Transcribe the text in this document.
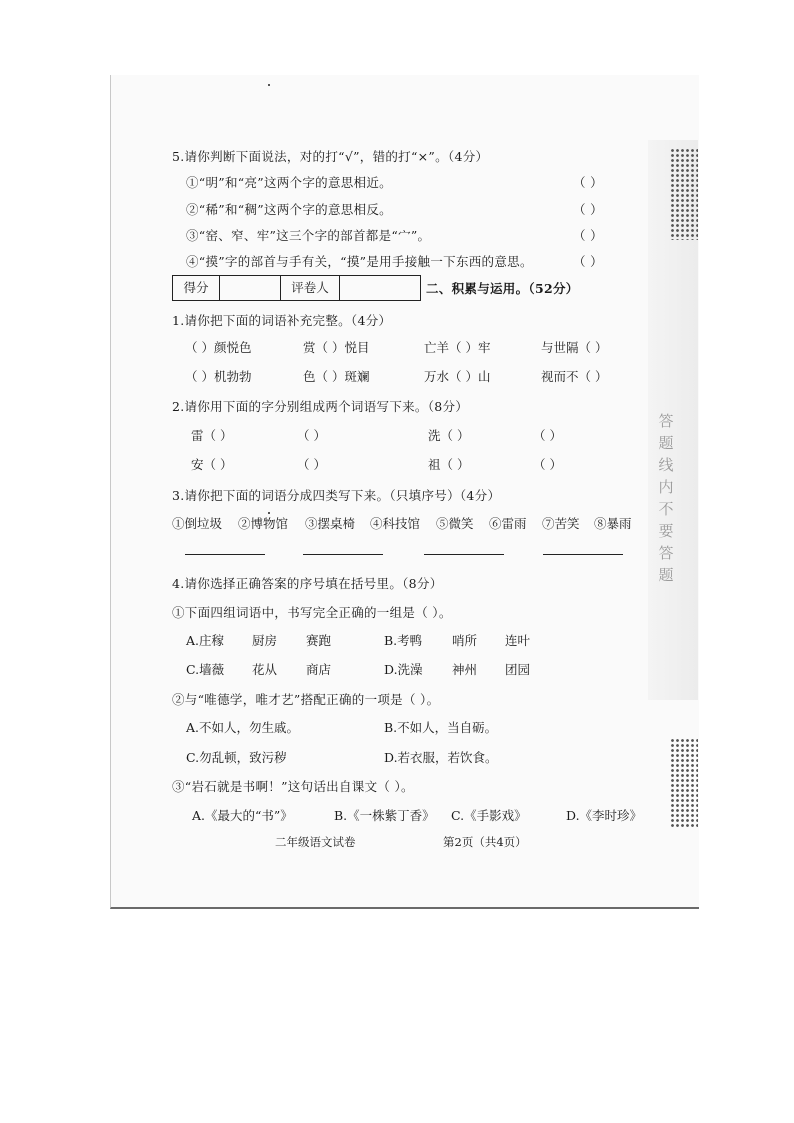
答
题
线
内
不
要
答
题
5.请你判断下面说法，对的打“√”，错的打“×”。（4分）
①“明”和“亮”这两个字的意思相近。	（ ）
②“稀”和“稠”这两个字的意思相反。	（ ）
③“窑、窄、牢”这三个字的部首都是“宀”。	（ ）
④“摸”字的部首与手有关，“摸”是用手接触一下东西的意思。	（ ）
得分	评卷人	二、积累与运用。（52分）
1.请你把下面的词语补充完整。（4分）
（ ）颜悦色	赏（ ）悦目	亡羊（ ）牢	与世隔（ ）
（ ）机勃勃	色（ ）斑斓	万水（ ）山	视而不（ ）
2.请你用下面的字分别组成两个词语写下来。（8分）
雷（ ）	（ ）	洗（ ）	（ ）
安（ ）	（ ）	祖（ ）	（ ）
3.请你把下面的词语分成四类写下来。（只填序号）（4分）
①倒垃圾 ②博物馆 ③摆桌椅 ④科技馆 ⑤微笑 ⑥雷雨 ⑦苦笑 ⑧暴雨
4.请你选择正确答案的序号填在括号里。（8分）
①下面四组词语中，书写完全正确的一组是（ ）。
A.庄稼 厨房 赛跑	B.考鸭 哨所 连叶
C.墙薇 花从 商店	D.洗澡 神州 团园
②与“唯德学，唯才艺”搭配正确的一项是（ ）。
A.不如人，勿生戚。	B.不如人，当自砺。
C.勿乱顿，致污秽	D.若衣服，若饮食。
③“岩石就是书啊！”这句话出自课文（ ）。
A.《最大的“书”》	B.《一株紫丁香》 C.《手影戏》	D.《李时珍》
二年级语文试卷	第2页（共4页）
